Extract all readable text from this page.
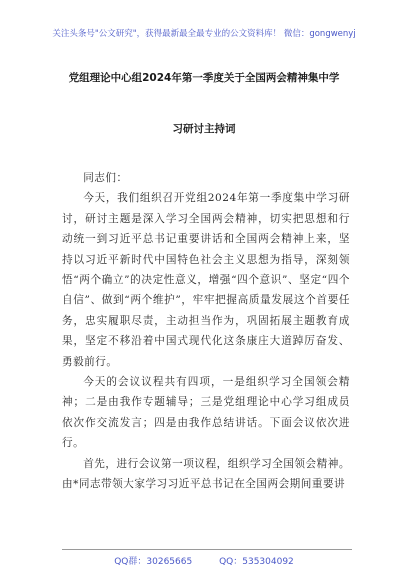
关注头条号"公文研究"，获得最新最全最专业的公文资料库！ 微信：gongwenyj
党组理论中心组2024年第一季度关于全国两会精神集中学
习研讨主持词

同志们：

今天，我们组织召开党组2024年第一季度集中学习研讨，研讨主题是深入学习全国两会精神，切实把思想和行动统一到习近平总书记重要讲话和全国两会精神上来，坚持以习近平新时代中国特色社会主义思想为指导，深刻领悟“两个确立”的决定性意义，增强“四个意识”、坚定“四个自信”、做到“两个维护”，牢牢把握高质量发展这个首要任务，忠实履职尽责，主动担当作为，巩固拓展主题教育成果，坚定不移沿着中国式现代化这条康庄大道踔厉奋发、勇毅前行。

今天的会议议程共有四项，一是组织学习全国领会精神；二是由我作专题辅导；三是党组理论中心学习组成员依次作交流发言；四是由我作总结讲话。下面会议依次进行。

首先，进行会议第一项议程，组织学习全国领会精神。由*同志带领大家学习习近平总书记在全国两会期间重要讲

QQ群：30265665	QQ：535304092
